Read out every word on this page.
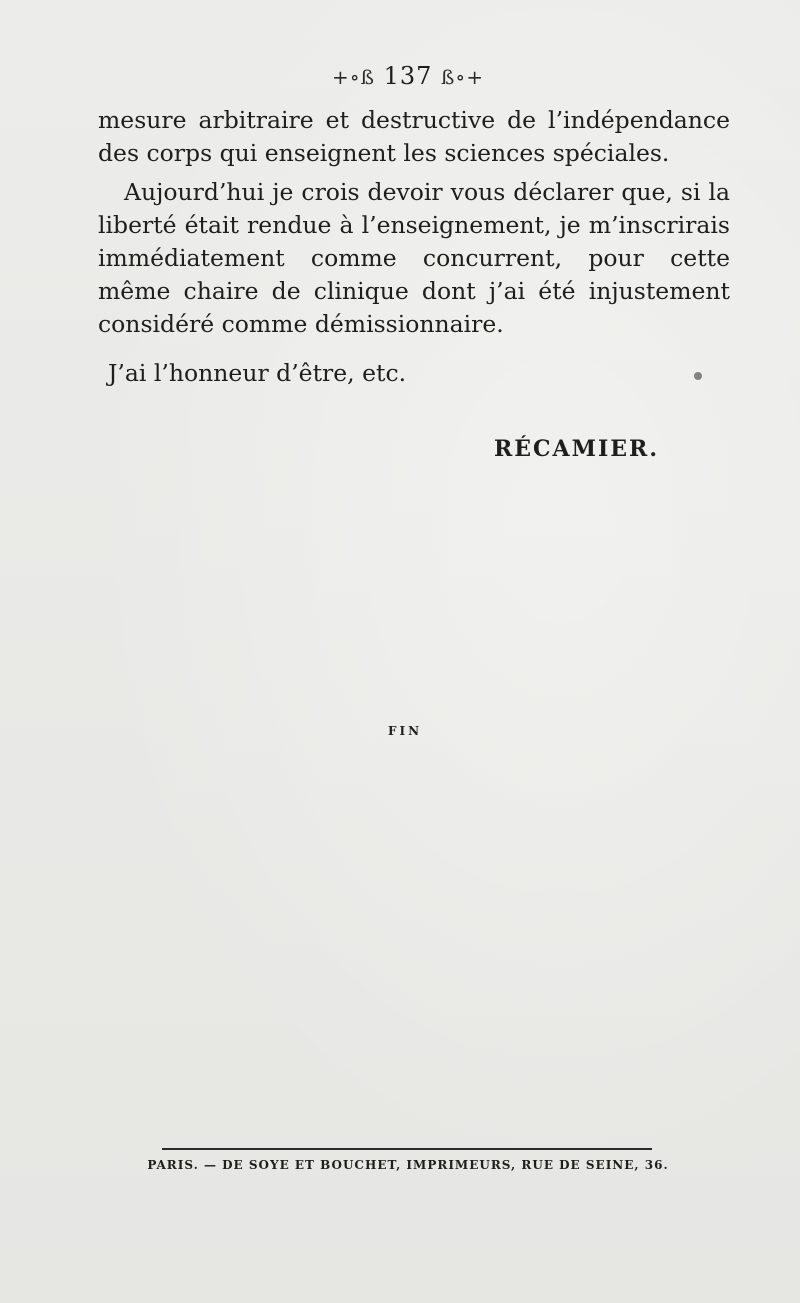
+∘ß 137 ß∘+

mesure arbitraire et destructive de l’indépendance des corps qui enseignent les sciences spéciales.

Aujourd’hui je crois devoir vous déclarer que, si la liberté était rendue à l’enseignement, je m’inscrirais immédiatement comme concurrent, pour cette même chaire de clinique dont j’ai été injustement considéré comme démissionnaire.

J’ai l’honneur d’être, etc.

RÉCAMIER.
FIN
PARIS. — DE SOYE ET BOUCHET, IMPRIMEURS, RUE DE SEINE, 36.
